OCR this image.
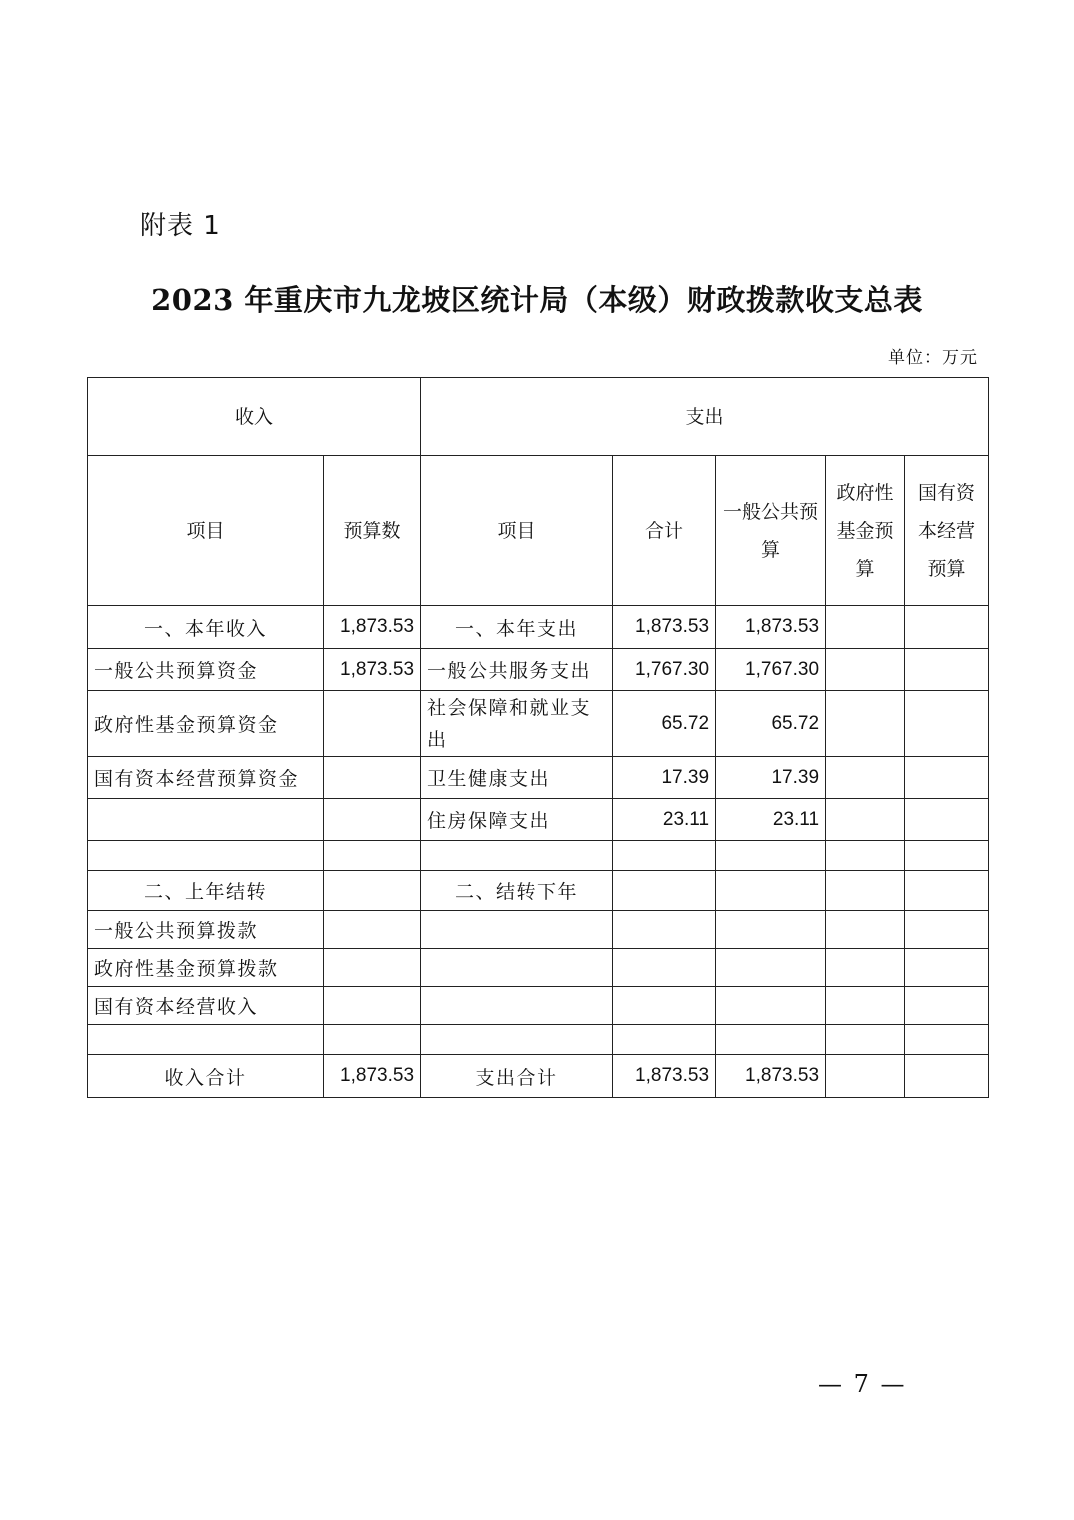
附表 1
2023 年重庆市九龙坡区统计局（本级）财政拨款收支总表
单位：万元
收入		支出				
项目	预算数	项目	合计	一般公共预算	政府性基金预算	国有资本经营预算
一、本年收入	1,873.53	一、本年支出	1,873.53	1,873.53		
一般公共预算资金	1,873.53	一般公共服务支出	1,767.30	1,767.30		
政府性基金预算资金		社会保障和就业支出	65.72	65.72		
国有资本经营预算资金		卫生健康支出	17.39	17.39		
		住房保障支出	23.11	23.11		

二、上年结转		二、结转下年				
一般公共预算拨款						
政府性基金预算拨款						
国有资本经营收入						

收入合计	1,873.53	支出合计	1,873.53	1,873.53		
— 7 —
